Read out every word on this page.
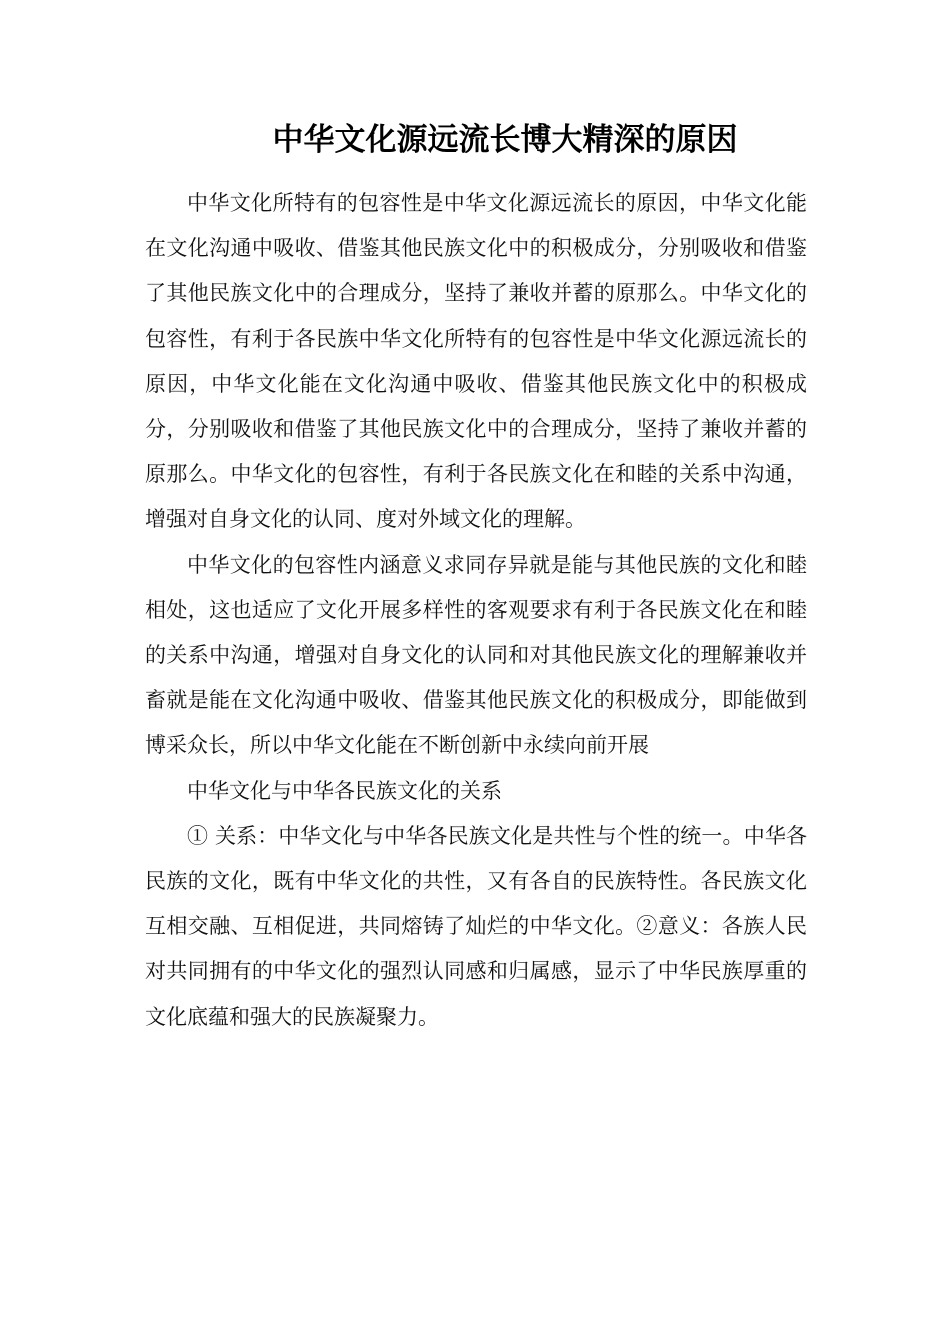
中华文化源远流长博大精深的原因

中华文化所特有的包容性是中华文化源远流长的原因，中华文化能在文化沟通中吸收、借鉴其他民族文化中的积极成分，分别吸收和借鉴了其他民族文化中的合理成分，坚持了兼收并蓄的原那么。中华文化的包容性，有利于各民族中华文化所特有的包容性是中华文化源远流长的原因，中华文化能在文化沟通中吸收、借鉴其他民族文化中的积极成分，分别吸收和借鉴了其他民族文化中的合理成分，坚持了兼收并蓄的原那么。中华文化的包容性，有利于各民族文化在和睦的关系中沟通，增强对自身文化的认同、度对外域文化的理解。

中华文化的包容性内涵意义求同存异就是能与其他民族的文化和睦相处，这也适应了文化开展多样性的客观要求有利于各民族文化在和睦的关系中沟通，增强对自身文化的认同和对其他民族文化的理解兼收并畜就是能在文化沟通中吸收、借鉴其他民族文化的积极成分，即能做到博采众长，所以中华文化能在不断创新中永续向前开展

中华文化与中华各民族文化的关系

① 关系：中华文化与中华各民族文化是共性与个性的统一。中华各民族的文化，既有中华文化的共性，又有各自的民族特性。各民族文化互相交融、互相促进，共同熔铸了灿烂的中华文化。②意义：各族人民对共同拥有的中华文化的强烈认同感和归属感，显示了中华民族厚重的文化底蕴和强大的民族凝聚力。
